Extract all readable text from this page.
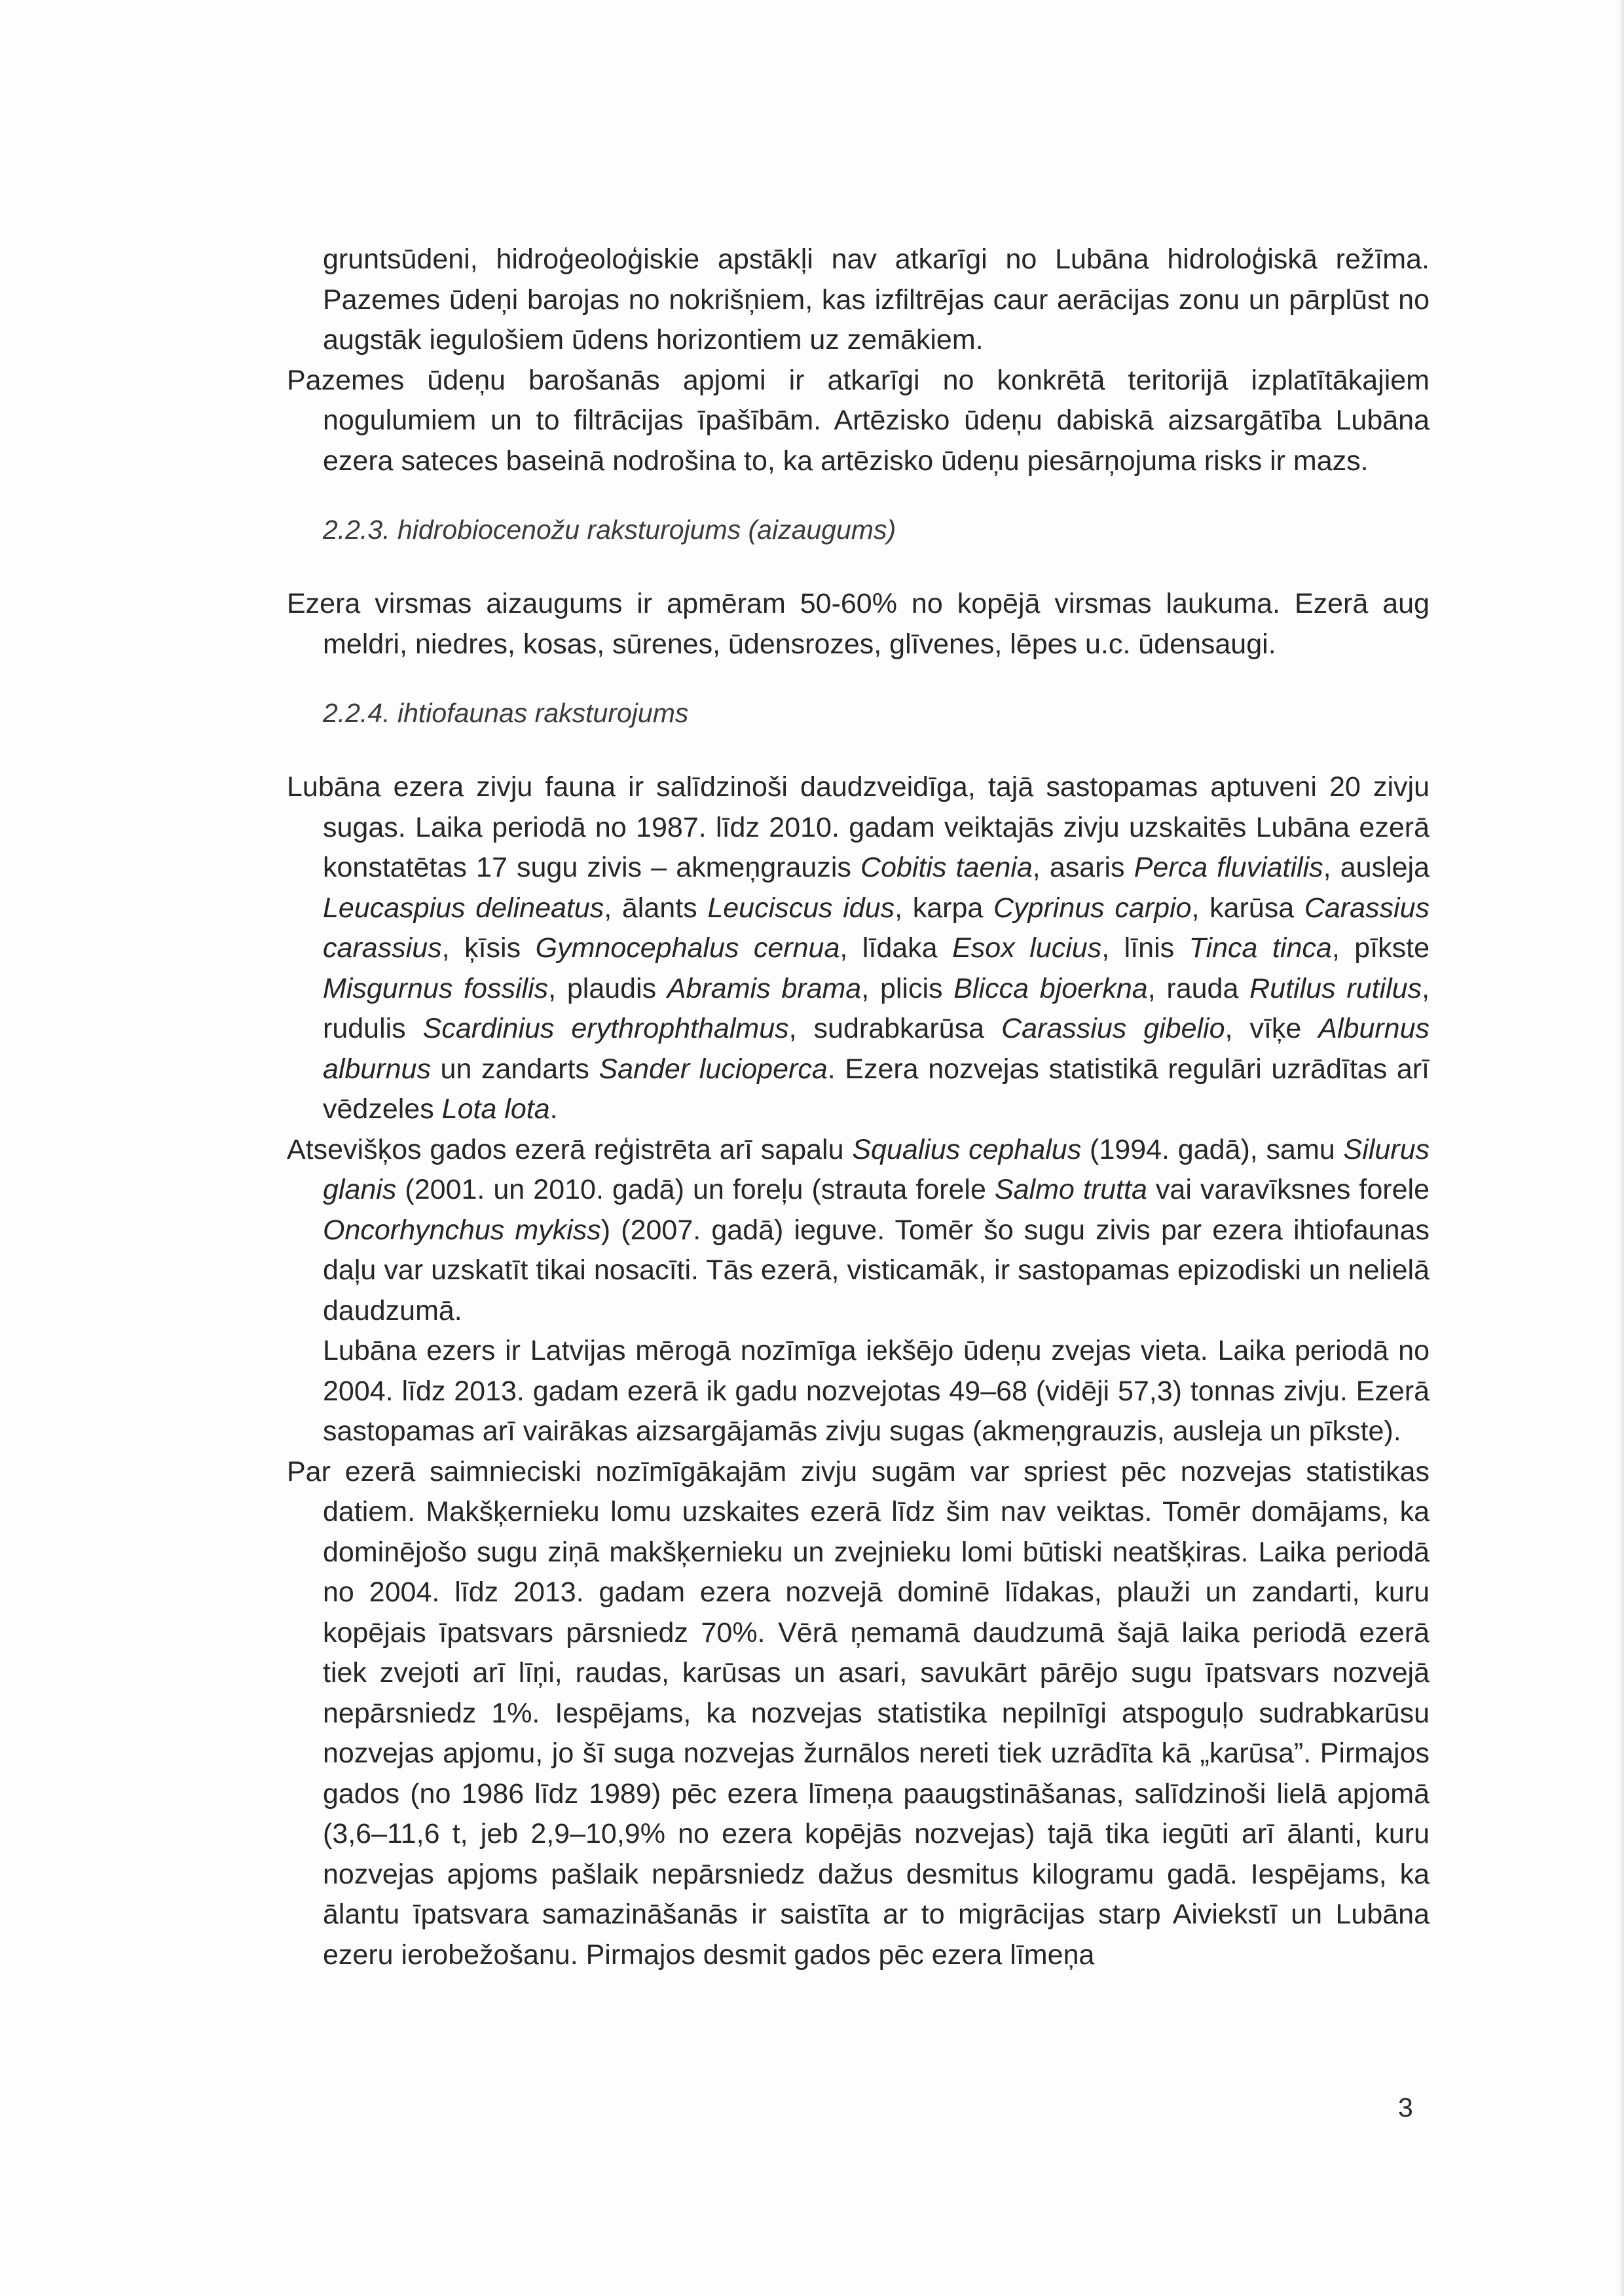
gruntsūdeni, hidroģeoloģiskie apstākļi nav atkarīgi no Lubāna hidroloģiskā režīma. Pazemes ūdeņi barojas no nokrišņiem, kas izfiltrējas caur aerācijas zonu un pārplūst no augstāk iegulošiem ūdens horizontiem uz zemākiem.

Pazemes ūdeņu barošanās apjomi ir atkarīgi no konkrētā teritorijā izplatītākajiem nogulumiem un to filtrācijas īpašībām. Artēzisko ūdeņu dabiskā aizsargātība Lubāna ezera sateces baseinā nodrošina to, ka artēzisko ūdeņu piesārņojuma risks ir mazs.

2.2.3. hidrobiocenožu raksturojums (aizaugums)

Ezera virsmas aizaugums ir apmēram 50-60% no kopējā virsmas laukuma. Ezerā aug meldri, niedres, kosas, sūrenes, ūdensrozes, glīvenes, lēpes u.c. ūdensaugi.

2.2.4. ihtiofaunas raksturojums

Lubāna ezera zivju fauna ir salīdzinoši daudzveidīga, tajā sastopamas aptuveni 20 zivju sugas. Laika periodā no 1987. līdz 2010. gadam veiktajās zivju uzskaitēs Lubāna ezerā konstatētas 17 sugu zivis – akmeņgrauzis Cobitis taenia, asaris Perca fluviatilis, ausleja Leucaspius delineatus, ālants Leuciscus idus, karpa Cyprinus carpio, karūsa Carassius carassius, ķīsis Gymnocephalus cernua, līdaka Esox lucius, līnis Tinca tinca, pīkste Misgurnus fossilis, plaudis Abramis brama, plicis Blicca bjoerkna, rauda Rutilus rutilus, rudulis Scardinius erythrophthalmus, sudrabkarūsa Carassius gibelio, vīķe Alburnus alburnus un zandarts Sander lucioperca. Ezera nozvejas statistikā regulāri uzrādītas arī vēdzeles Lota lota.

Atsevišķos gados ezerā reģistrēta arī sapalu Squalius cephalus (1994. gadā), samu Silurus glanis (2001. un 2010. gadā) un foreļu (strauta forele Salmo trutta vai varavīksnes forele Oncorhynchus mykiss) (2007. gadā) ieguve. Tomēr šo sugu zivis par ezera ihtiofaunas daļu var uzskatīt tikai nosacīti. Tās ezerā, visticamāk, ir sastopamas epizodiski un nelielā daudzumā.

Lubāna ezers ir Latvijas mērogā nozīmīga iekšējo ūdeņu zvejas vieta. Laika periodā no 2004. līdz 2013. gadam ezerā ik gadu nozvejotas 49–68 (vidēji 57,3) tonnas zivju. Ezerā sastopamas arī vairākas aizsargājamās zivju sugas (akmeņgrauzis, ausleja un pīkste).

Par ezerā saimnieciski nozīmīgākajām zivju sugām var spriest pēc nozvejas statistikas datiem. Makšķernieku lomu uzskaites ezerā līdz šim nav veiktas. Tomēr domājams, ka dominējošo sugu ziņā makšķernieku un zvejnieku lomi būtiski neatšķiras. Laika periodā no 2004. līdz 2013. gadam ezera nozvejā dominē līdakas, plauži un zandarti, kuru kopējais īpatsvars pārsniedz 70%. Vērā ņemamā daudzumā šajā laika periodā ezerā tiek zvejoti arī līņi, raudas, karūsas un asari, savukārt pārējo sugu īpatsvars nozvejā nepārsniedz 1%. Iespējams, ka nozvejas statistika nepilnīgi atspoguļo sudrabkarūsu nozvejas apjomu, jo šī suga nozvejas žurnālos nereti tiek uzrādīta kā „karūsa”. Pirmajos gados (no 1986 līdz 1989) pēc ezera līmeņa paaugstināšanas, salīdzinoši lielā apjomā (3,6–11,6 t, jeb 2,9–10,9% no ezera kopējās nozvejas) tajā tika iegūti arī ālanti, kuru nozvejas apjoms pašlaik nepārsniedz dažus desmitus kilogramu gadā. Iespējams, ka ālantu īpatsvara samazināšanās ir saistīta ar to migrācijas starp Aiviekstī un Lubāna ezeru ierobežošanu. Pirmajos desmit gados pēc ezera līmeņa

3
